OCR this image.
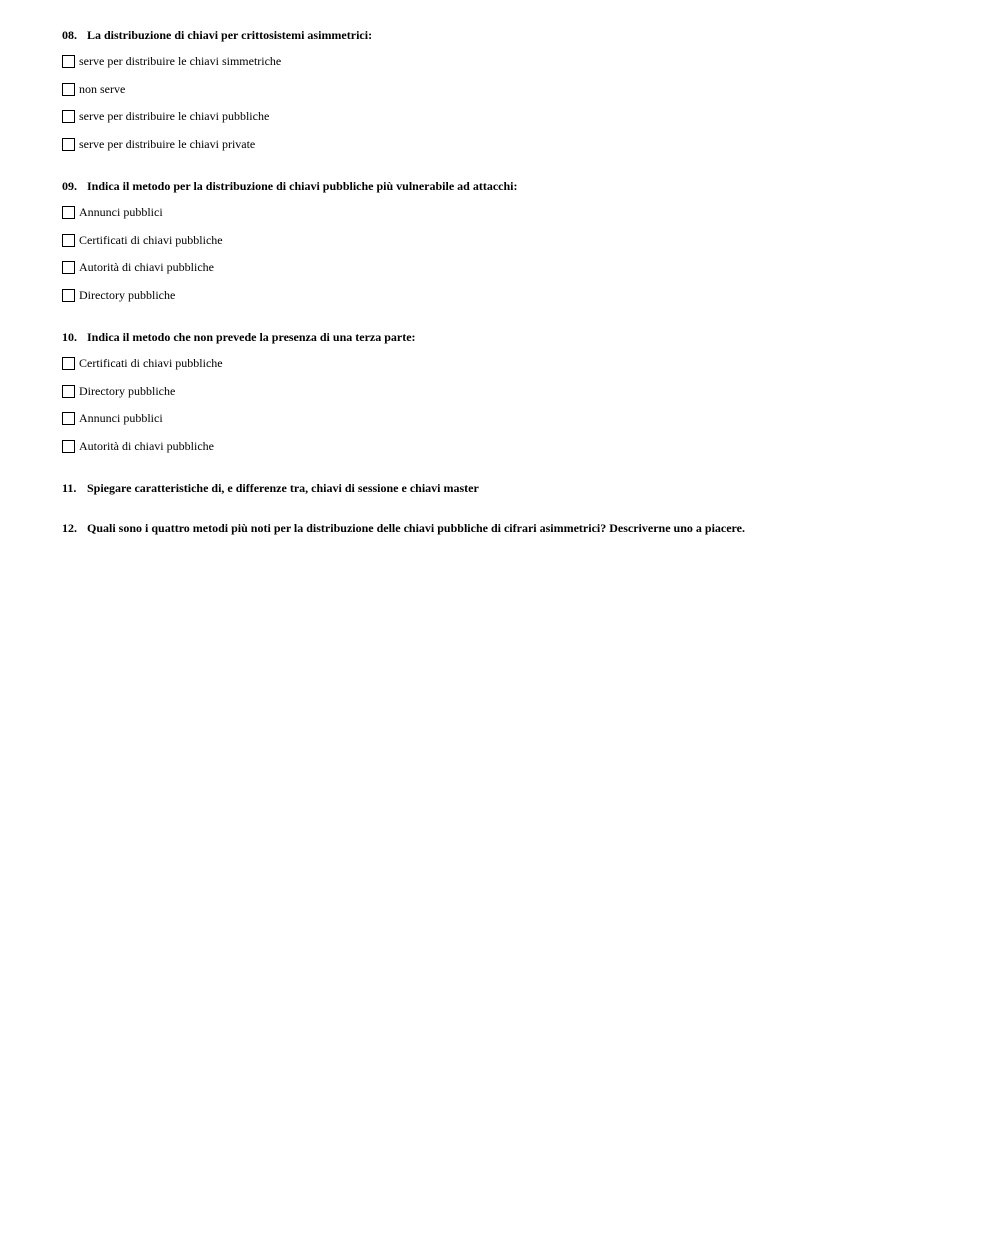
08. La distribuzione di chiavi per crittosistemi asimmetrici:
serve per distribuire le chiavi simmetriche
non serve
serve per distribuire le chiavi pubbliche
serve per distribuire le chiavi private
09. Indica il metodo per la distribuzione di chiavi pubbliche più vulnerabile ad attacchi:
Annunci pubblici
Certificati di chiavi pubbliche
Autorità di chiavi pubbliche
Directory pubbliche
10. Indica il metodo che non prevede la presenza di una terza parte:
Certificati di chiavi pubbliche
Directory pubbliche
Annunci pubblici
Autorità di chiavi pubbliche
11. Spiegare caratteristiche di, e differenze tra, chiavi di sessione e chiavi master
12. Quali sono i quattro metodi più noti per la distribuzione delle chiavi pubbliche di cifrari asimmetrici? Descriverne uno a piacere.
